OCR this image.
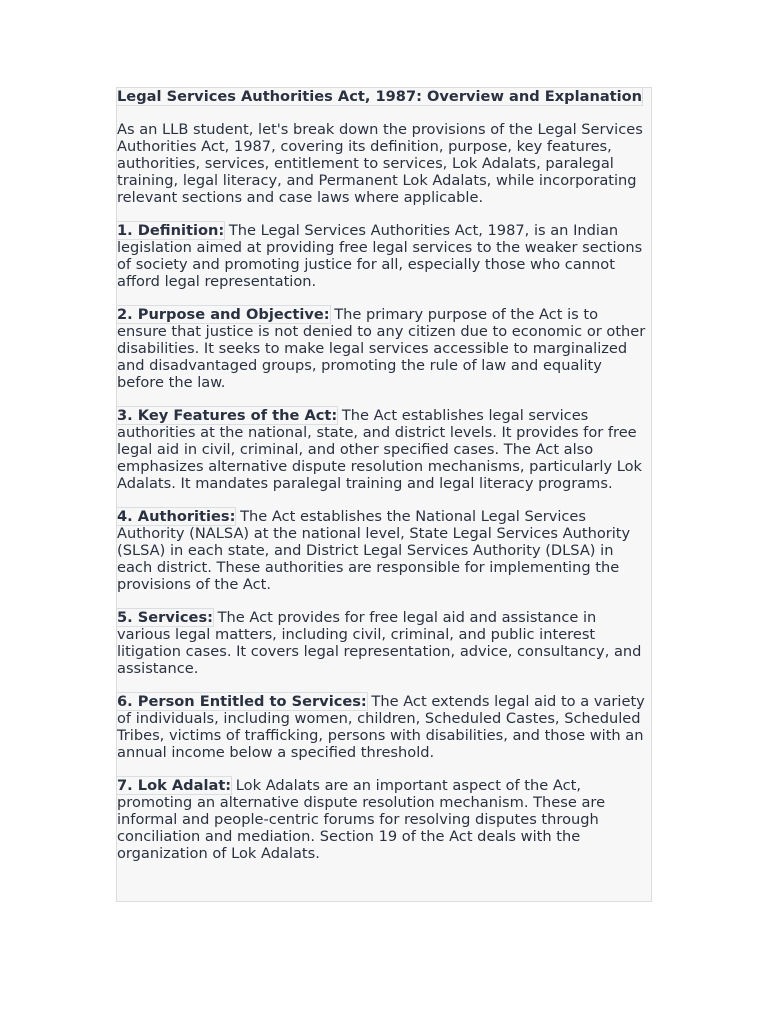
Legal Services Authorities Act, 1987: Overview and Explanation

As an LLB student, let's break down the provisions of the Legal Services Authorities Act, 1987, covering its definition, purpose, key features, authorities, services, entitlement to services, Lok Adalats, paralegal training, legal literacy, and Permanent Lok Adalats, while incorporating relevant sections and case laws where applicable.

1. Definition: The Legal Services Authorities Act, 1987, is an Indian legislation aimed at providing free legal services to the weaker sections of society and promoting justice for all, especially those who cannot afford legal representation.

2. Purpose and Objective: The primary purpose of the Act is to ensure that justice is not denied to any citizen due to economic or other disabilities. It seeks to make legal services accessible to marginalized and disadvantaged groups, promoting the rule of law and equality before the law.

3. Key Features of the Act: The Act establishes legal services authorities at the national, state, and district levels. It provides for free legal aid in civil, criminal, and other specified cases. The Act also emphasizes alternative dispute resolution mechanisms, particularly Lok Adalats. It mandates paralegal training and legal literacy programs.

4. Authorities: The Act establishes the National Legal Services Authority (NALSA) at the national level, State Legal Services Authority (SLSA) in each state, and District Legal Services Authority (DLSA) in each district. These authorities are responsible for implementing the provisions of the Act.

5. Services: The Act provides for free legal aid and assistance in various legal matters, including civil, criminal, and public interest litigation cases. It covers legal representation, advice, consultancy, and assistance.

6. Person Entitled to Services: The Act extends legal aid to a variety of individuals, including women, children, Scheduled Castes, Scheduled Tribes, victims of trafficking, persons with disabilities, and those with an annual income below a specified threshold.

7. Lok Adalat: Lok Adalats are an important aspect of the Act, promoting an alternative dispute resolution mechanism. These are informal and people-centric forums for resolving disputes through conciliation and mediation. Section 19 of the Act deals with the organization of Lok Adalats.
